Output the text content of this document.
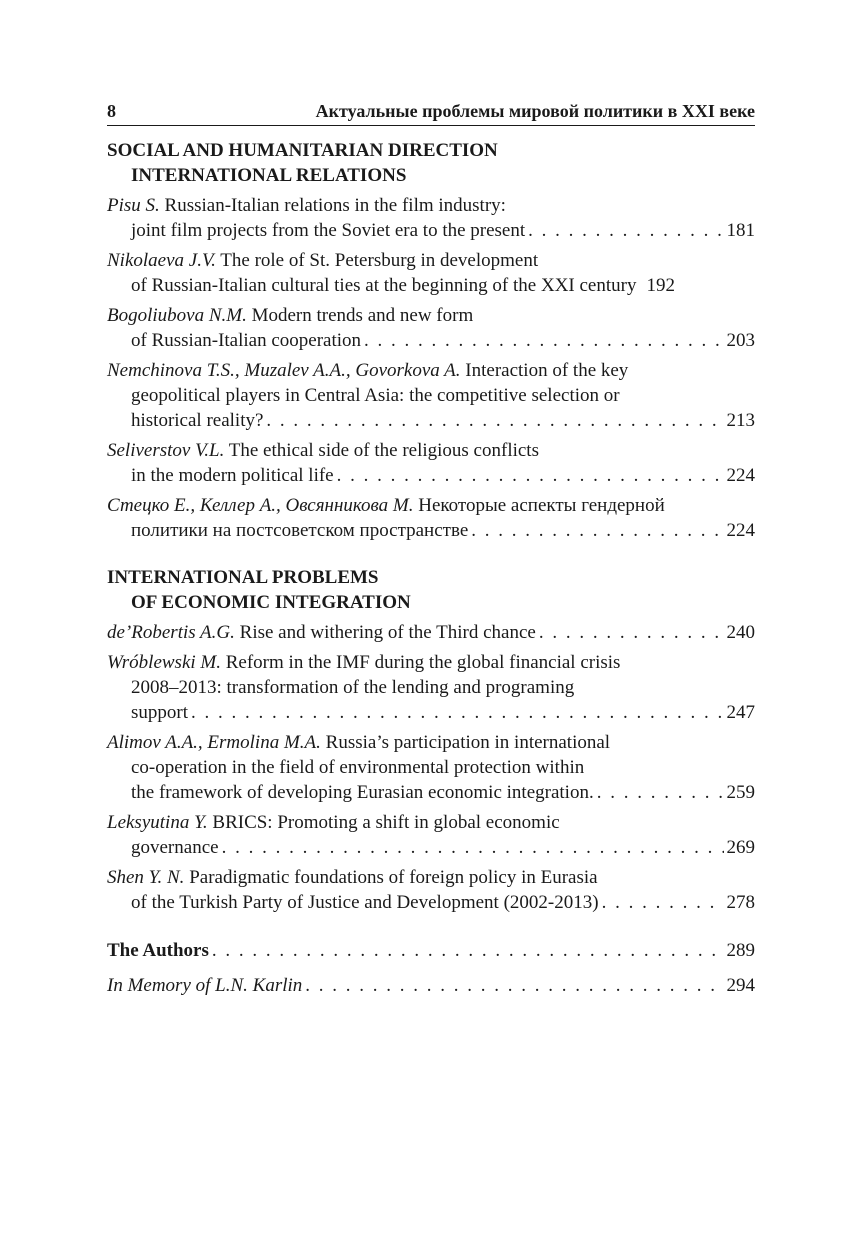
8	Актуальные проблемы мировой политики в XXI веке
SOCIAL AND HUMANITARIAN DIRECTION
INTERNATIONAL RELATIONS
Pisu S. Russian-Italian relations in the film industry:
joint film projects from the Soviet era to the present . . .	181
Nikolaeva J.V. The role of St. Petersburg in development
of Russian-Italian cultural ties at the beginning of the XXI century 192
Bogoliubova N.M. Modern trends and new form
of Russian-Italian cooperation . . .	203
Nemchinova T.S., Muzalev A.A., Govorkova A. Interaction of the key
geopolitical players in Central Asia: the competitive selection or
historical reality? . . .	213
Seliverstov V.L. The ethical side of the religious conflicts
in the modern political life . . .	224
Стецко Е., Келлер А., Овсянникова М. Некоторые аспекты гендерной
политики на постсоветском пространстве . . .	224
INTERNATIONAL PROBLEMS
OF ECONOMIC INTEGRATION
de’Robertis A.G. Rise and withering of the Third chance . . .	240
Wróblewski M. Reform in the IMF during the global financial crisis
2008–2013: transformation of the lending and programing
support . . .	247
Alimov A.A., Ermolina M.A. Russia’s participation in international
co-operation in the field of environmental protection within
the framework of developing Eurasian economic integration. . . .	259
Leksyutina Y. BRICS: Promoting a shift in global economic
governance . . .	269
Shen Y. N. Paradigmatic foundations of foreign policy in Eurasia
of the Turkish Party of Justice and Development (2002-2013) . . .	278
The Authors . . .	289
In Memory of L.N. Karlin . . .	294
